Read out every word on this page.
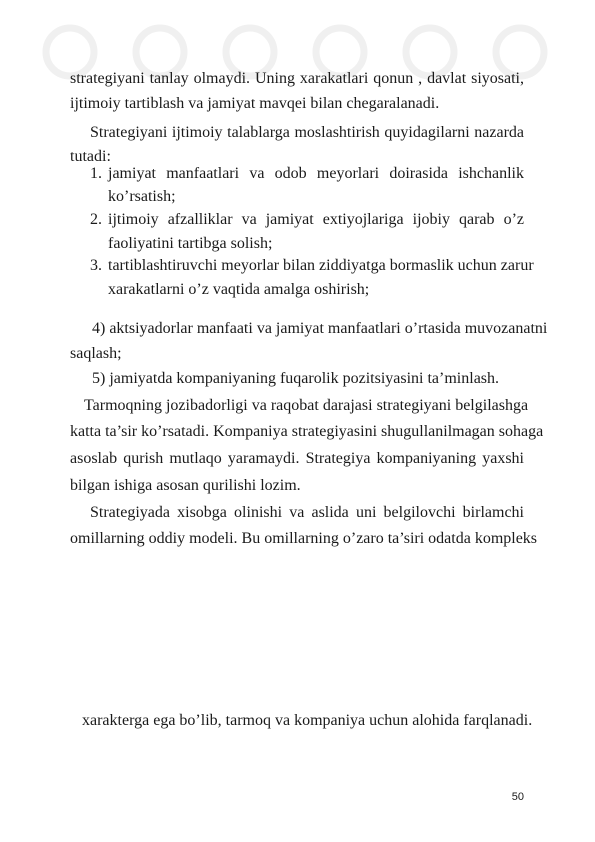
strategiyani tanlay olmaydi. Uning xarakatlari qonun , davlat siyosati,
ijtimoiy tartiblash va jamiyat mavqei bilan chegaralanadi.
Strategiyani ijtimoiy talablarga moslashtirish quyidagilarni nazarda
tutadi:
1. jamiyat manfaatlari va odob meyorlari doirasida ishchanlik
ko’rsatish;
2. ijtimoiy afzalliklar va jamiyat extiyojlariga ijobiy qarab o’z
faoliyatini tartibga solish;
3. tartiblashtiruvchi meyorlar bilan ziddiyatga bormaslik uchun zarur
xarakatlarni o’z vaqtida amalga oshirish;
4) aktsiyadorlar manfaati va jamiyat manfaatlari o’rtasida muvozanatni
saqlash;
5) jamiyatda kompaniyaning fuqarolik pozitsiyasini ta’minlash.
Tarmoqning jozibadorligi va raqobat darajasi strategiyani belgilashga
katta ta’sir ko’rsatadi. Kompaniya strategiyasini shugullanilmagan sohaga
asoslab qurish mutlaqo yaramaydi. Strategiya kompaniyaning yaxshi
bilgan ishiga asosan qurilishi lozim.
Strategiyada xisobga olinishi va aslida uni belgilovchi birlamchi
omillarning oddiy modeli. Bu omillarning o’zaro ta’siri odatda kompleks
xarakterga ega bo’lib, tarmoq va kompaniya uchun alohida farqlanadi.
50
